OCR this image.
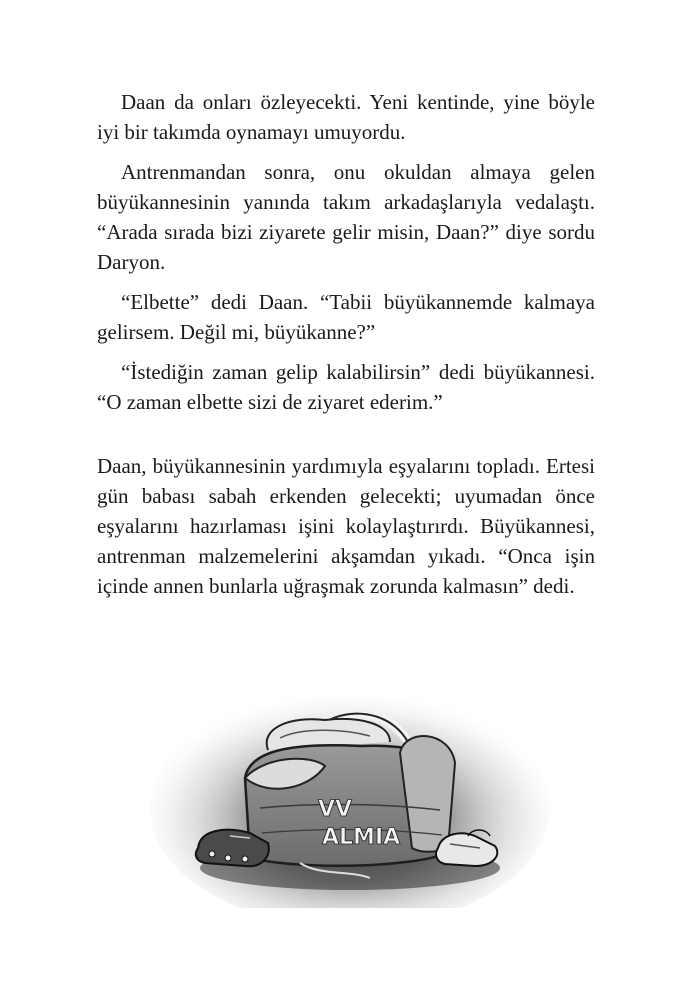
Daan da onları özleyecekti. Yeni kentinde, yine böyle iyi bir takımda oynamayı umuyordu.

Antrenmandan sonra, onu okuldan almaya gelen büyükannesinin yanında takım arkadaşlarıyla vedalaştı. “Arada sırada bizi ziyarete gelir misin, Daan?” diye sordu Daryon.

“Elbette” dedi Daan. “Tabii büyükannemde kalmaya gelirsem. Değil mi, büyükanne?”

“İstediğin zaman gelip kalabilirsin” dedi büyükannesi. “O zaman elbette sizi de ziyaret ederim.”

Daan, büyükannesinin yardımıyla eşyalarını topladı. Ertesi gün babası sabah erkenden gelecekti; uyumadan önce eşyalarını hazırlaması işini kolaylaştırırdı. Büyükannesi, antrenman malzemelerini akşamdan yıkadı. “Onca işin içinde annen bunlarla uğraşmak zorunda kalmasın” dedi.

VV
ALMIA
